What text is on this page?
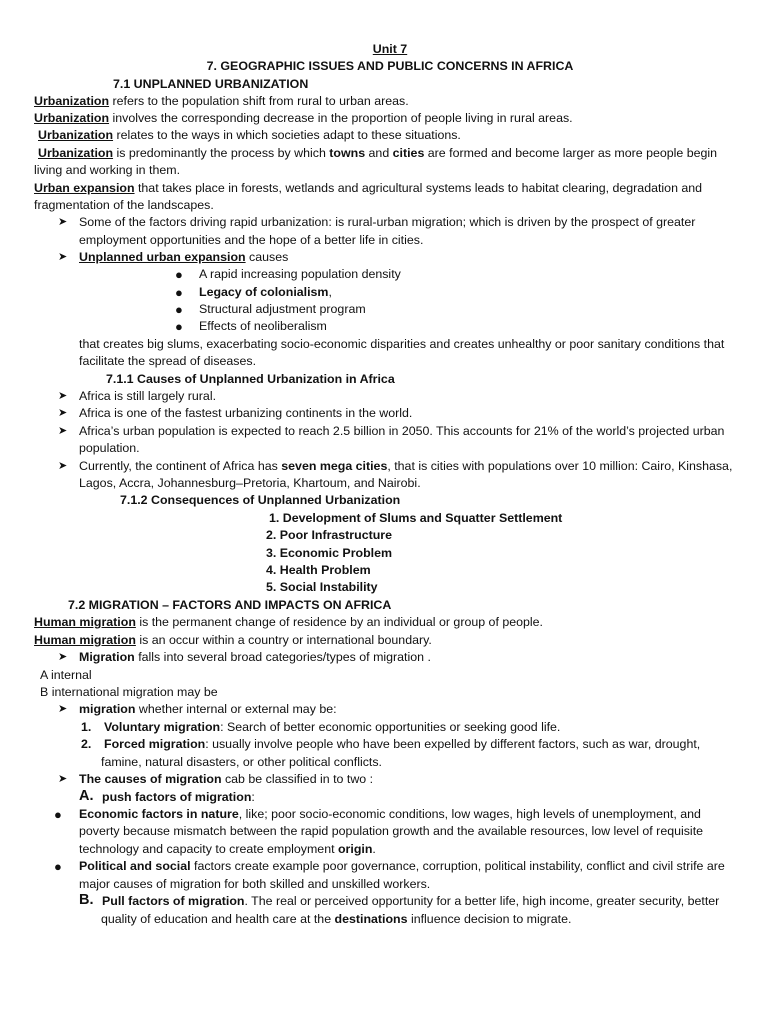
Unit 7
7. GEOGRAPHIC ISSUES AND PUBLIC CONCERNS IN AFRICA
7.1 UNPLANNED URBANIZATION
Urbanization refers to the population shift from rural to urban areas.
Urbanization involves the corresponding decrease in the proportion of people living in rural areas.
Urbanization relates to the ways in which societies adapt to these situations.
Urbanization is predominantly the process by which towns and cities are formed and become larger as more people begin
living and working in them.
Urban expansion that takes place in forests, wetlands and agricultural systems leads to habitat clearing, degradation and
fragmentation of the landscapes.
➤ Some of the factors driving rapid urbanization: is rural-urban migration; which is driven by the prospect of greater
employment opportunities and the hope of a better life in cities.
➤ Unplanned urban expansion causes
● A rapid increasing population density
● Legacy of colonialism,
● Structural adjustment program
● Effects of neoliberalism
that creates big slums, exacerbating socio-economic disparities and creates unhealthy or poor sanitary conditions that
facilitate the spread of diseases.
7.1.1 Causes of Unplanned Urbanization in Africa
➤ Africa is still largely rural.
➤ Africa is one of the fastest urbanizing continents in the world.
➤ Africa’s urban population is expected to reach 2.5 billion in 2050. This accounts for 21% of the world’s projected urban
population.
➤ Currently, the continent of Africa has seven mega cities, that is cities with populations over 10 million: Cairo, Kinshasa,
Lagos, Accra, Johannesburg–Pretoria, Khartoum, and Nairobi.
7.1.2 Consequences of Unplanned Urbanization
1. Development of Slums and Squatter Settlement
2. Poor Infrastructure
3. Economic Problem
4. Health Problem
5. Social Instability
7.2 MIGRATION – FACTORS AND IMPACTS ON AFRICA
Human migration is the permanent change of residence by an individual or group of people.
Human migration is an occur within a country or international boundary.
➤ Migration falls into several broad categories/types of migration .
A internal
B international migration may be
➤ migration whether internal or external may be:
1. Voluntary migration: Search of better economic opportunities or seeking good life.
2. Forced migration: usually involve people who have been expelled by different factors, such as war, drought,
famine, natural disasters, or other political conflicts.
➤ The causes of migration cab be classified in to two :
A. push factors of migration:
● Economic factors in nature, like; poor socio-economic conditions, low wages, high levels of unemployment, and
poverty because mismatch between the rapid population growth and the available resources, low level of requisite
technology and capacity to create employment origin.
● Political and social factors create example poor governance, corruption, political instability, conflict and civil strife are
major causes of migration for both skilled and unskilled workers.
B. Pull factors of migration. The real or perceived opportunity for a better life, high income, greater security, better
quality of education and health care at the destinations influence decision to migrate.
